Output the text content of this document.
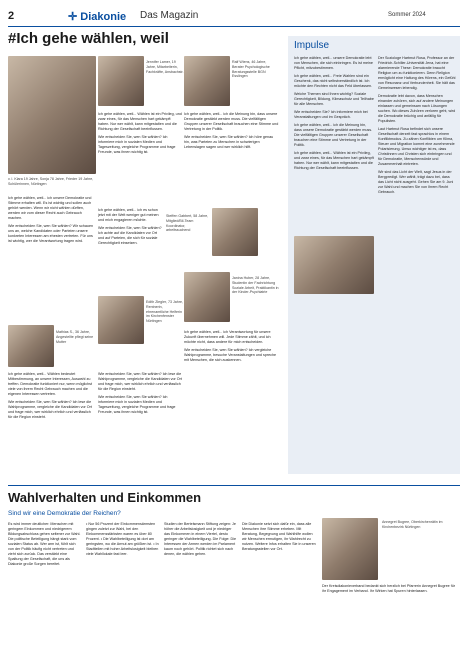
2	✛ Diakonie Das Magazin	Sommer 2024
#Ich gehe wählen, weil
v. l. Klara 19 Jahre, Sonja 78 Jahre, Frieder 19 Jahre, Schülerinnen, Nürtingen
Jennifer Lamer, 19 Jahre, Mitarbeiterin, Fachkräfte, Ansbachstr.
Ralf Wiens, 46 Jahre, Berater Psychologische Beratungsstelle BGN Esslingen
Steffen Gabbert, 58 Jahre, Mitglied/Bil-Team Koordinator, arbeitssuchend
Mathias S., 36 Jahre, Angestellte pflegt seine Mutter
Edith Ziegler, 73 Jahre, Rentnerin, ehrenamtliche Helferin im Kirchenfenster Nürtingen
Janina Huber, 28 Jahre, Studentin der Fachrichtung Soziale Arbeit, Praktikantin in der Kinder-Psychiatrie
Ich gehe wählen, weil... ich unsere Demokratie und Stimme erhalten will. Es ist wichtig und sollen auch gehört werden. Wenn wir nicht wählen dürften, werden wir vom dieser Recht auch Gebrauch machen.
Wie entscheiden Sie, wen Sie wählen? Wir schauen uns an, welche Kandidaten oder Parteien unsere konkreten Interessen am ehesten vertreten. Für uns ist wichtig, wer die Verantwortung tragen wird.
Ich gehe wählen, weil... Wählen bedeutet Mitbestimmung, an unsere Interessen, Auswahl zu treffen. Demokratie funktioniert nur, wenn möglichst viele von ihrem Recht Gebrauch machen und die eigenen Interessen vertreten.
Wie entscheiden Sie, wen Sie wählen? Ich lese die Wahlprogramme, vergleiche die Kandidaten vor Ort und frage mich, wer wirklich ehrlich und verlässlich für die Region einsteht.
Ich gehe wählen, weil... Wählen ist ein Privileg, und zwar eines, für das Menschen hart gekämpft haben. Nur wer wählt, kann mitgestalten und die Richtung der Gesellschaft beeinflussen.
Wie entscheiden Sie, wen Sie wählen? Ich informiere mich in sozialen Medien und Tageszeitung, vergleiche Programme und frage Freunde, was ihnen wichtig ist.
Ich gehe wählen, weil... ich es schon jetzt mit der Welt weniger gut meinen und mich engagieren möchte.
Wie entscheiden Sie, wen Sie wählen? Ich achte auf die Kandidaten vor Ort und auf Parteien, die sich für soziale Gerechtigkeit einsetzen.
Wie entscheiden Sie, wen Sie wählen? Ich lese die Wahlprogramme, vergleiche die Kandidaten vor Ort und frage mich, wer wirklich ehrlich und verlässlich für die Region einsteht.
Wie entscheiden Sie, wen Sie wählen? Ich informiere mich in sozialen Medien und Tageszeitung, vergleiche Programme und frage Freunde, was ihnen wichtig ist.
Ich gehe wählen, weil... ich die Meinung bin, dass unsere Demokratie gestärkt werden muss. Die vielfältigen Gruppen unserer Gesellschaft brauchen eine Stimme und Vertretung in der Politik.
Wie entscheiden Sie, wen Sie wählen? Ich höre genau hin, was Parteien zu Menschen in schwierigen Lebenslagen sagen und wer wirklich hilft.
Ich gehe wählen, weil... ich Verantwortung für unsere Zukunft übernehmen will. Jede Stimme zählt, und ich möchte nicht, dass andere für mich entscheiden.
Wie entscheiden Sie, wen Sie wählen? Ich vergleiche Wahlprogramme, besuche Veranstaltungen und spreche mit Menschen, die sich auskennen.
Impulse
Ich gehe wählen, weil... unsere Demokratie lebt von Menschen, die sich einbringen. Es ist meine Pflicht, mitzubestimmen.
Ich gehe wählen, weil... Freie Wahlen sind ein Geschenk, das nicht selbstverständlich ist. Ich möchte den Rechten nicht das Feld überlassen.
Welche Themen sind Ihnen wichtig? Soziale Gerechtigkeit, Bildung, Klimaschutz und Teilhabe für alle Menschen.
Wie entscheiden Sie? Ich informiere mich bei Veranstaltungen und im Gespräch.
Ich gehe wählen, weil... ich die Meinung bin, dass unsere Demokratie gestärkt werden muss. Die vielfältigen Gruppen unserer Gesellschaft brauchen eine Stimme und Vertretung in der Politik.
Ich gehe wählen, weil... Wählen ist ein Privileg, und zwar eines, für das Menschen hart gekämpft haben. Nur wer wählt, kann mitgestalten und die Richtung der Gesellschaft beeinflussen.
Der Soziologe Hartmut Rosa, Professor an der Friedrich-Schiller-Universität Jena, hat eine alarmierende These: Demokratie braucht Religion um zu funktionieren. Denn Religion ermöglicht eine Haltung des Hörens, ein Gefühl von Resonanz und Verbundenheit. Sie hält das Gemeinwesen lebendig.
Demokratie lebt davon, dass Menschen einander zuhören, sich auf andere Meinungen einlassen und gemeinsam nach Lösungen suchen. Wo dieses Zuhören verloren geht, wird die Demokratie brüchig und anfällig für Populisten.
Laut Hartmut Rosa befindet sich unsere Gesellschaft derzeit fast sprachlos in einem Konfliktmodus. Zu zähen Konflikten um Klima, Steuer und Migration kommt eine zunehmende Polarisierung. Umso wichtiger ist es, dass Christinnen und Christen sich einbringen und für Demokratie, Menschenwürde und Zusammenhalt eintreten.
Wir sind das Licht der Welt, sagt Jesus in der Bergpredigt. Wer wählt, trägt dazu bei, dass das Licht nicht ausgeht. Gehen Sie am 9. Juni zur Wahl und machen Sie von Ihrem Recht Gebrauch.
Wahlverhalten und Einkommen
Sind wir eine Demokratie der Reichen?
Es wird immer deutlicher: Menschen mit geringem Einkommen und niedrigerem Bildungsabschluss gehen seltener zur Wahl. Die politische Beteiligung hängt stark vom sozialen Status ab. Wer arm ist, fühlt sich von der Politik häufig nicht vertreten und zieht sich zurück. Das verstärkt eine Spaltung der Gesellschaft, die uns als Diakonie große Sorgen bereitet.
• Nur 56 Prozent der Einkommensärmsten gingen zuletzt zur Wahl, bei den Einkommensstärksten waren es über 80 Prozent. • Die Wahlbeteiligung ist dort am geringsten, wo die Armut am größten ist. • In Stadtteilen mit hoher Arbeitslosigkeit bleiben viele Wahllokale fast leer.
Studien der Bertelsmann Stiftung zeigen: Je höher die Arbeitslosigkeit und je niedriger das Einkommen in einem Viertel, desto geringer die Wahlbeteiligung. Die Folge: Die Interessen der Armen werden im Parlament kaum noch gehört. Politik richtet sich nach denen, die wählen gehen.
Die Diakonie setzt sich dafür ein, dass alle Menschen ihre Stimme erheben. Mit Beratung, Begegnung und Wahlhilfe wollen wir Menschen ermutigen, ihr Wahlrecht zu nutzen. Weitere Infos erhalten Sie in unseren Beratungsstellen vor Ort.
Annegret Bugree, Oberkirchenrätin im Kirchenbezirk Nürtingen
Der Kreisdiakonieverband bedankt sich herzlich bei Pfarrerin Annegret Bugree für ihr Engagement im Verband. Ihr Wirken hat Spuren hinterlassen.
